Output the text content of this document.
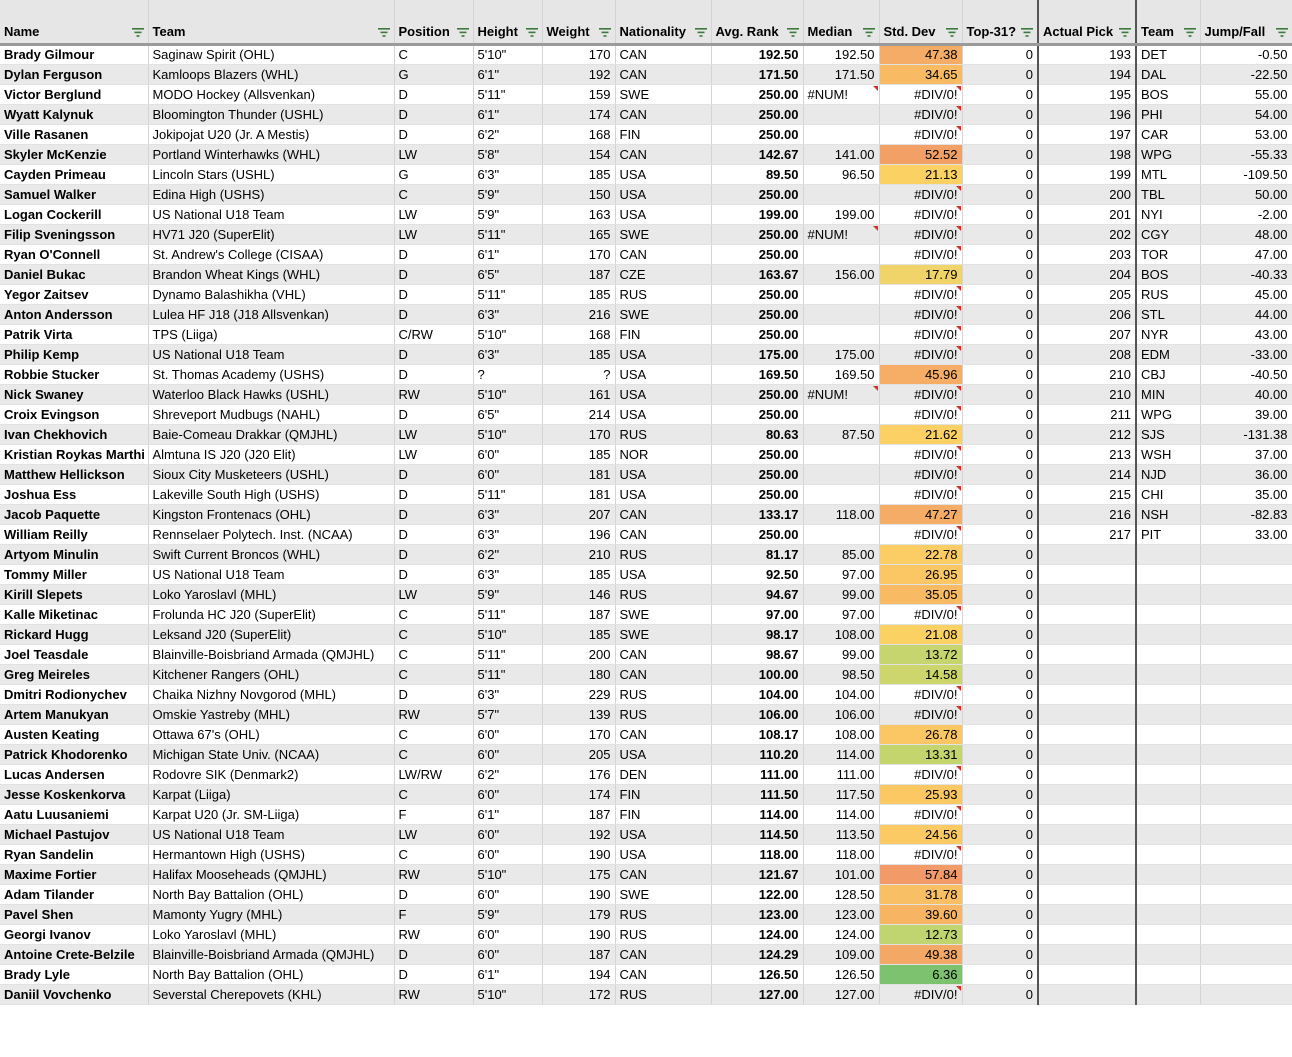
Name	Team	Position	Height	Weight	Nationality	Avg. Rank	Median	Std. Dev	Top-31?	Actual Pick	Team	Jump/Fall

Brady Gilmour	Saginaw Spirit (OHL)	C	5'10"	170	CAN	192.50	192.50	47.38	0	193	DET	-0.50
Dylan Ferguson	Kamloops Blazers (WHL)	G	6'1"	192	CAN	171.50	171.50	34.65	0	194	DAL	-22.50
Victor Berglund	MODO Hockey (Allsvenkan)	D	5'11"	159	SWE	250.00	#NUM!	#DIV/0!	0	195	BOS	55.00
Wyatt Kalynuk	Bloomington Thunder (USHL)	D	6'1"	174	CAN	250.00		#DIV/0!	0	196	PHI	54.00
Ville Rasanen	Jokipojat U20 (Jr. A Mestis)	D	6'2"	168	FIN	250.00		#DIV/0!	0	197	CAR	53.00
Skyler McKenzie	Portland Winterhawks (WHL)	LW	5'8"	154	CAN	142.67	141.00	52.52	0	198	WPG	-55.33
Cayden Primeau	Lincoln Stars (USHL)	G	6'3"	185	USA	89.50	96.50	21.13	0	199	MTL	-109.50
Samuel Walker	Edina High (USHS)	C	5'9"	150	USA	250.00		#DIV/0!	0	200	TBL	50.00
Logan Cockerill	US National U18 Team	LW	5'9"	163	USA	199.00	199.00	#DIV/0!	0	201	NYI	-2.00
Filip Sveningsson	HV71 J20 (SuperElit)	LW	5'11"	165	SWE	250.00	#NUM!	#DIV/0!	0	202	CGY	48.00
Ryan O'Connell	St. Andrew's College (CISAA)	D	6'1"	170	CAN	250.00		#DIV/0!	0	203	TOR	47.00
Daniel Bukac	Brandon Wheat Kings (WHL)	D	6'5"	187	CZE	163.67	156.00	17.79	0	204	BOS	-40.33
Yegor Zaitsev	Dynamo Balashikha (VHL)	D	5'11"	185	RUS	250.00		#DIV/0!	0	205	RUS	45.00
Anton Andersson	Lulea HF J18 (J18 Allsvenkan)	D	6'3"	216	SWE	250.00		#DIV/0!	0	206	STL	44.00
Patrik Virta	TPS (Liiga)	C/RW	5'10"	168	FIN	250.00		#DIV/0!	0	207	NYR	43.00
Philip Kemp	US National U18 Team	D	6'3"	185	USA	175.00	175.00	#DIV/0!	0	208	EDM	-33.00
Robbie Stucker	St. Thomas Academy (USHS)	D	?	?	USA	169.50	169.50	45.96	0	210	CBJ	-40.50
Nick Swaney	Waterloo Black Hawks (USHL)	RW	5'10"	161	USA	250.00	#NUM!	#DIV/0!	0	210	MIN	40.00
Croix Evingson	Shreveport Mudbugs (NAHL)	D	6'5"	214	USA	250.00		#DIV/0!	0	211	WPG	39.00
Ivan Chekhovich	Baie-Comeau Drakkar (QMJHL)	LW	5'10"	170	RUS	80.63	87.50	21.62	0	212	SJS	-131.38
Kristian Roykas Marthi	Almtuna IS J20 (J20 Elit)	LW	6'0"	185	NOR	250.00		#DIV/0!	0	213	WSH	37.00
Matthew Hellickson	Sioux City Musketeers (USHL)	D	6'0"	181	USA	250.00		#DIV/0!	0	214	NJD	36.00
Joshua Ess	Lakeville South High (USHS)	D	5'11"	181	USA	250.00		#DIV/0!	0	215	CHI	35.00
Jacob Paquette	Kingston Frontenacs (OHL)	D	6'3"	207	CAN	133.17	118.00	47.27	0	216	NSH	-82.83
William Reilly	Rennselaer Polytech. Inst. (NCAA)	D	6'3"	196	CAN	250.00		#DIV/0!	0	217	PIT	33.00
Artyom Minulin	Swift Current Broncos (WHL)	D	6'2"	210	RUS	81.17	85.00	22.78	0			
Tommy Miller	US National U18 Team	D	6'3"	185	USA	92.50	97.00	26.95	0			
Kirill Slepets	Loko Yaroslavl (MHL)	LW	5'9"	146	RUS	94.67	99.00	35.05	0			
Kalle Miketinac	Frolunda HC J20 (SuperElit)	C	5'11"	187	SWE	97.00	97.00	#DIV/0!	0			
Rickard Hugg	Leksand J20 (SuperElit)	C	5'10"	185	SWE	98.17	108.00	21.08	0			
Joel Teasdale	Blainville-Boisbriand Armada (QMJHL)	C	5'11"	200	CAN	98.67	99.00	13.72	0			
Greg Meireles	Kitchener Rangers (OHL)	C	5'11"	180	CAN	100.00	98.50	14.58	0			
Dmitri Rodionychev	Chaika Nizhny Novgorod (MHL)	D	6'3"	229	RUS	104.00	104.00	#DIV/0!	0			
Artem Manukyan	Omskie Yastreby (MHL)	RW	5'7"	139	RUS	106.00	106.00	#DIV/0!	0			
Austen Keating	Ottawa 67's (OHL)	C	6'0"	170	CAN	108.17	108.00	26.78	0			
Patrick Khodorenko	Michigan State Univ. (NCAA)	C	6'0"	205	USA	110.20	114.00	13.31	0			
Lucas Andersen	Rodovre SIK (Denmark2)	LW/RW	6'2"	176	DEN	111.00	111.00	#DIV/0!	0			
Jesse Koskenkorva	Karpat (Liiga)	C	6'0"	174	FIN	111.50	117.50	25.93	0			
Aatu Luusaniemi	Karpat U20 (Jr. SM-Liiga)	F	6'1"	187	FIN	114.00	114.00	#DIV/0!	0			
Michael Pastujov	US National U18 Team	LW	6'0"	192	USA	114.50	113.50	24.56	0			
Ryan Sandelin	Hermantown High (USHS)	C	6'0"	190	USA	118.00	118.00	#DIV/0!	0			
Maxime Fortier	Halifax Mooseheads (QMJHL)	RW	5'10"	175	CAN	121.67	101.00	57.84	0			
Adam Tilander	North Bay Battalion (OHL)	D	6'0"	190	SWE	122.00	128.50	31.78	0			
Pavel Shen	Mamonty Yugry (MHL)	F	5'9"	179	RUS	123.00	123.00	39.60	0			
Georgi Ivanov	Loko Yaroslavl (MHL)	RW	6'0"	190	RUS	124.00	124.00	12.73	0			
Antoine Crete-Belzile	Blainville-Boisbriand Armada (QMJHL)	D	6'0"	187	CAN	124.29	109.00	49.38	0			
Brady Lyle	North Bay Battalion (OHL)	D	6'1"	194	CAN	126.50	126.50	6.36	0			
Daniil Vovchenko	Severstal Cherepovets (KHL)	RW	5'10"	172	RUS	127.00	127.00	#DIV/0!	0			
